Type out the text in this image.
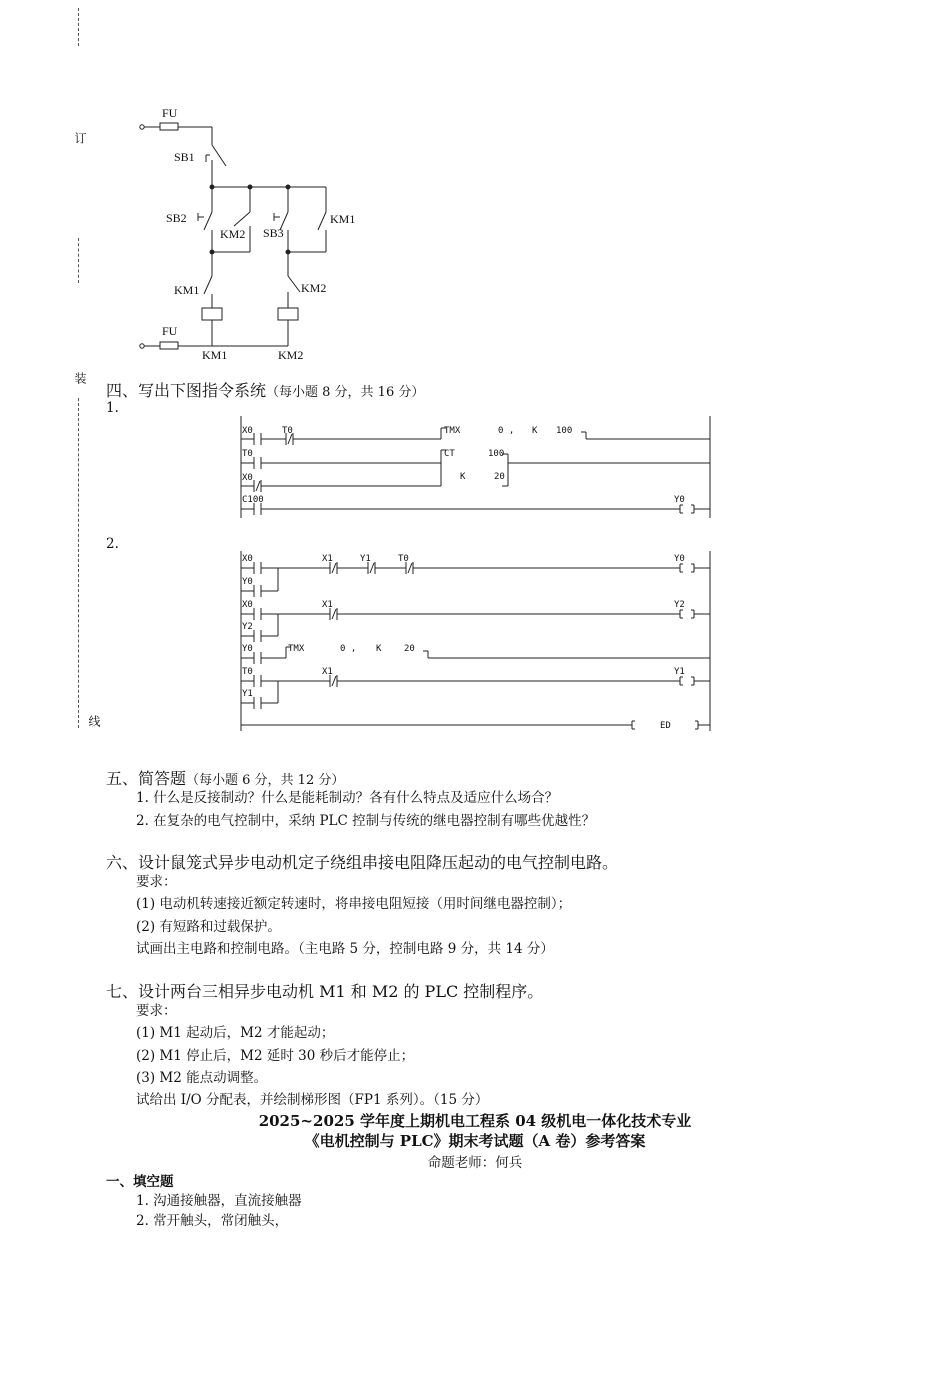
订
装
线
FU
SB1
SB2
KM2 SB3
KM1
KM1	KM2
FU
KM1	KM2
四、写出下图指令系统（每小题 8 分，共 16 分）
1.
X0	T0	TMX	0 , K 100
T0	CT	100
X0	K	20
C100	Y0
2.
X0	X1	Y1	T0	Y0
Y0
X0	X1	Y2
Y2
Y0	TMX	0 , K	20
T0	X1	Y1
Y1
ED
五、简答题（每小题 6 分，共 12 分）
1. 什么是反接制动？什么是能耗制动？各有什么特点及适应什么场合？
2. 在复杂的电气控制中，采纳 PLC 控制与传统的继电器控制有哪些优越性？
六、设计鼠笼式异步电动机定子绕组串接电阻降压起动的电气控制电路。
要求：
(1) 电动机转速接近额定转速时，将串接电阻短接（用时间继电器控制）；
(2) 有短路和过载保护。
试画出主电路和控制电路。（主电路 5 分，控制电路 9 分，共 14 分）
七、设计两台三相异步电动机 M1 和 M2 的 PLC 控制程序。
要求：
(1) M1 起动后，M2 才能起动；
(2) M1 停止后，M2 延时 30 秒后才能停止；
(3) M2 能点动调整。
试给出 I/O 分配表，并绘制梯形图（FP1 系列）。（15 分）
2025~2025 学年度上期机电工程系 04 级机电一体化技术专业
《电机控制与 PLC》期末考试题（A 卷）参考答案
命题老师：何兵
一、填空题
1. 沟通接触器，直流接触器
2. 常开触头，常闭触头，
